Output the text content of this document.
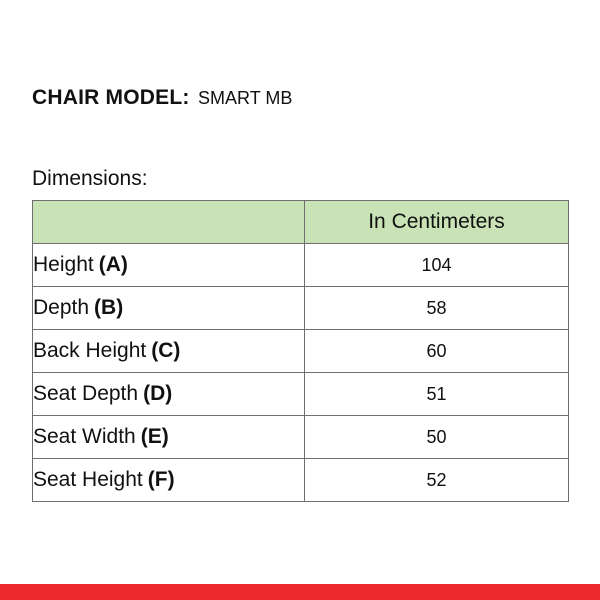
CHAIR MODEL: SMART MB
Dimensions:
	In Centimeters
Height (A)	104
Depth (B)	58
Back Height (C)	60
Seat Depth (D)	51
Seat Width (E)	50
Seat Height (F)	52
